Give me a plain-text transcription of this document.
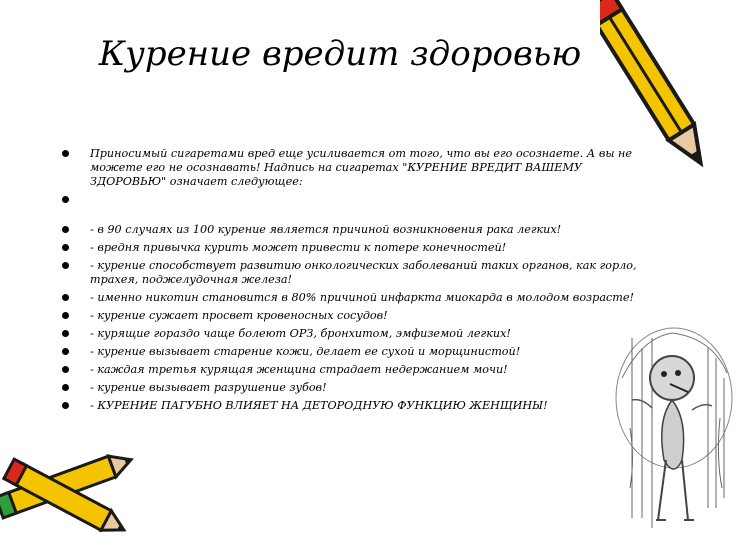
Курение вредит здоровью
Приносимый сигаретами вред еще усиливается от того, что вы его осознаете. А вы не можете его не осознавать! Надпись на сигаретах "КУРЕНИЕ ВРЕДИТ ВАШЕМУ ЗДОРОВЬЮ" означает следующее:
- в 90 случаях из 100 курение является причиной возникновения рака легких!
- вредня привычка курить может привести к потере конечностей!
- курение способствует развитию онкологических заболеваний таких органов, как горло, трахея, поджелудочная железа!
- именно никотин становится в 80% причиной инфаркта миокарда в молодом возрасте!
- курение сужает просвет кровеносных сосудов!
- курящие гораздо чаще болеют ОРЗ, бронхитом, эмфиземой легких!
- курение вызывает старение кожи, делает ее сухой и морщинистой!
- каждая третья курящая женщина страдает недержанием мочи!
- курение вызывает разрушение зубов!
- КУРЕНИЕ ПАГУБНО ВЛИЯЕТ НА ДЕТОРОДНУЮ ФУНКЦИЮ ЖЕНЩИНЫ!
